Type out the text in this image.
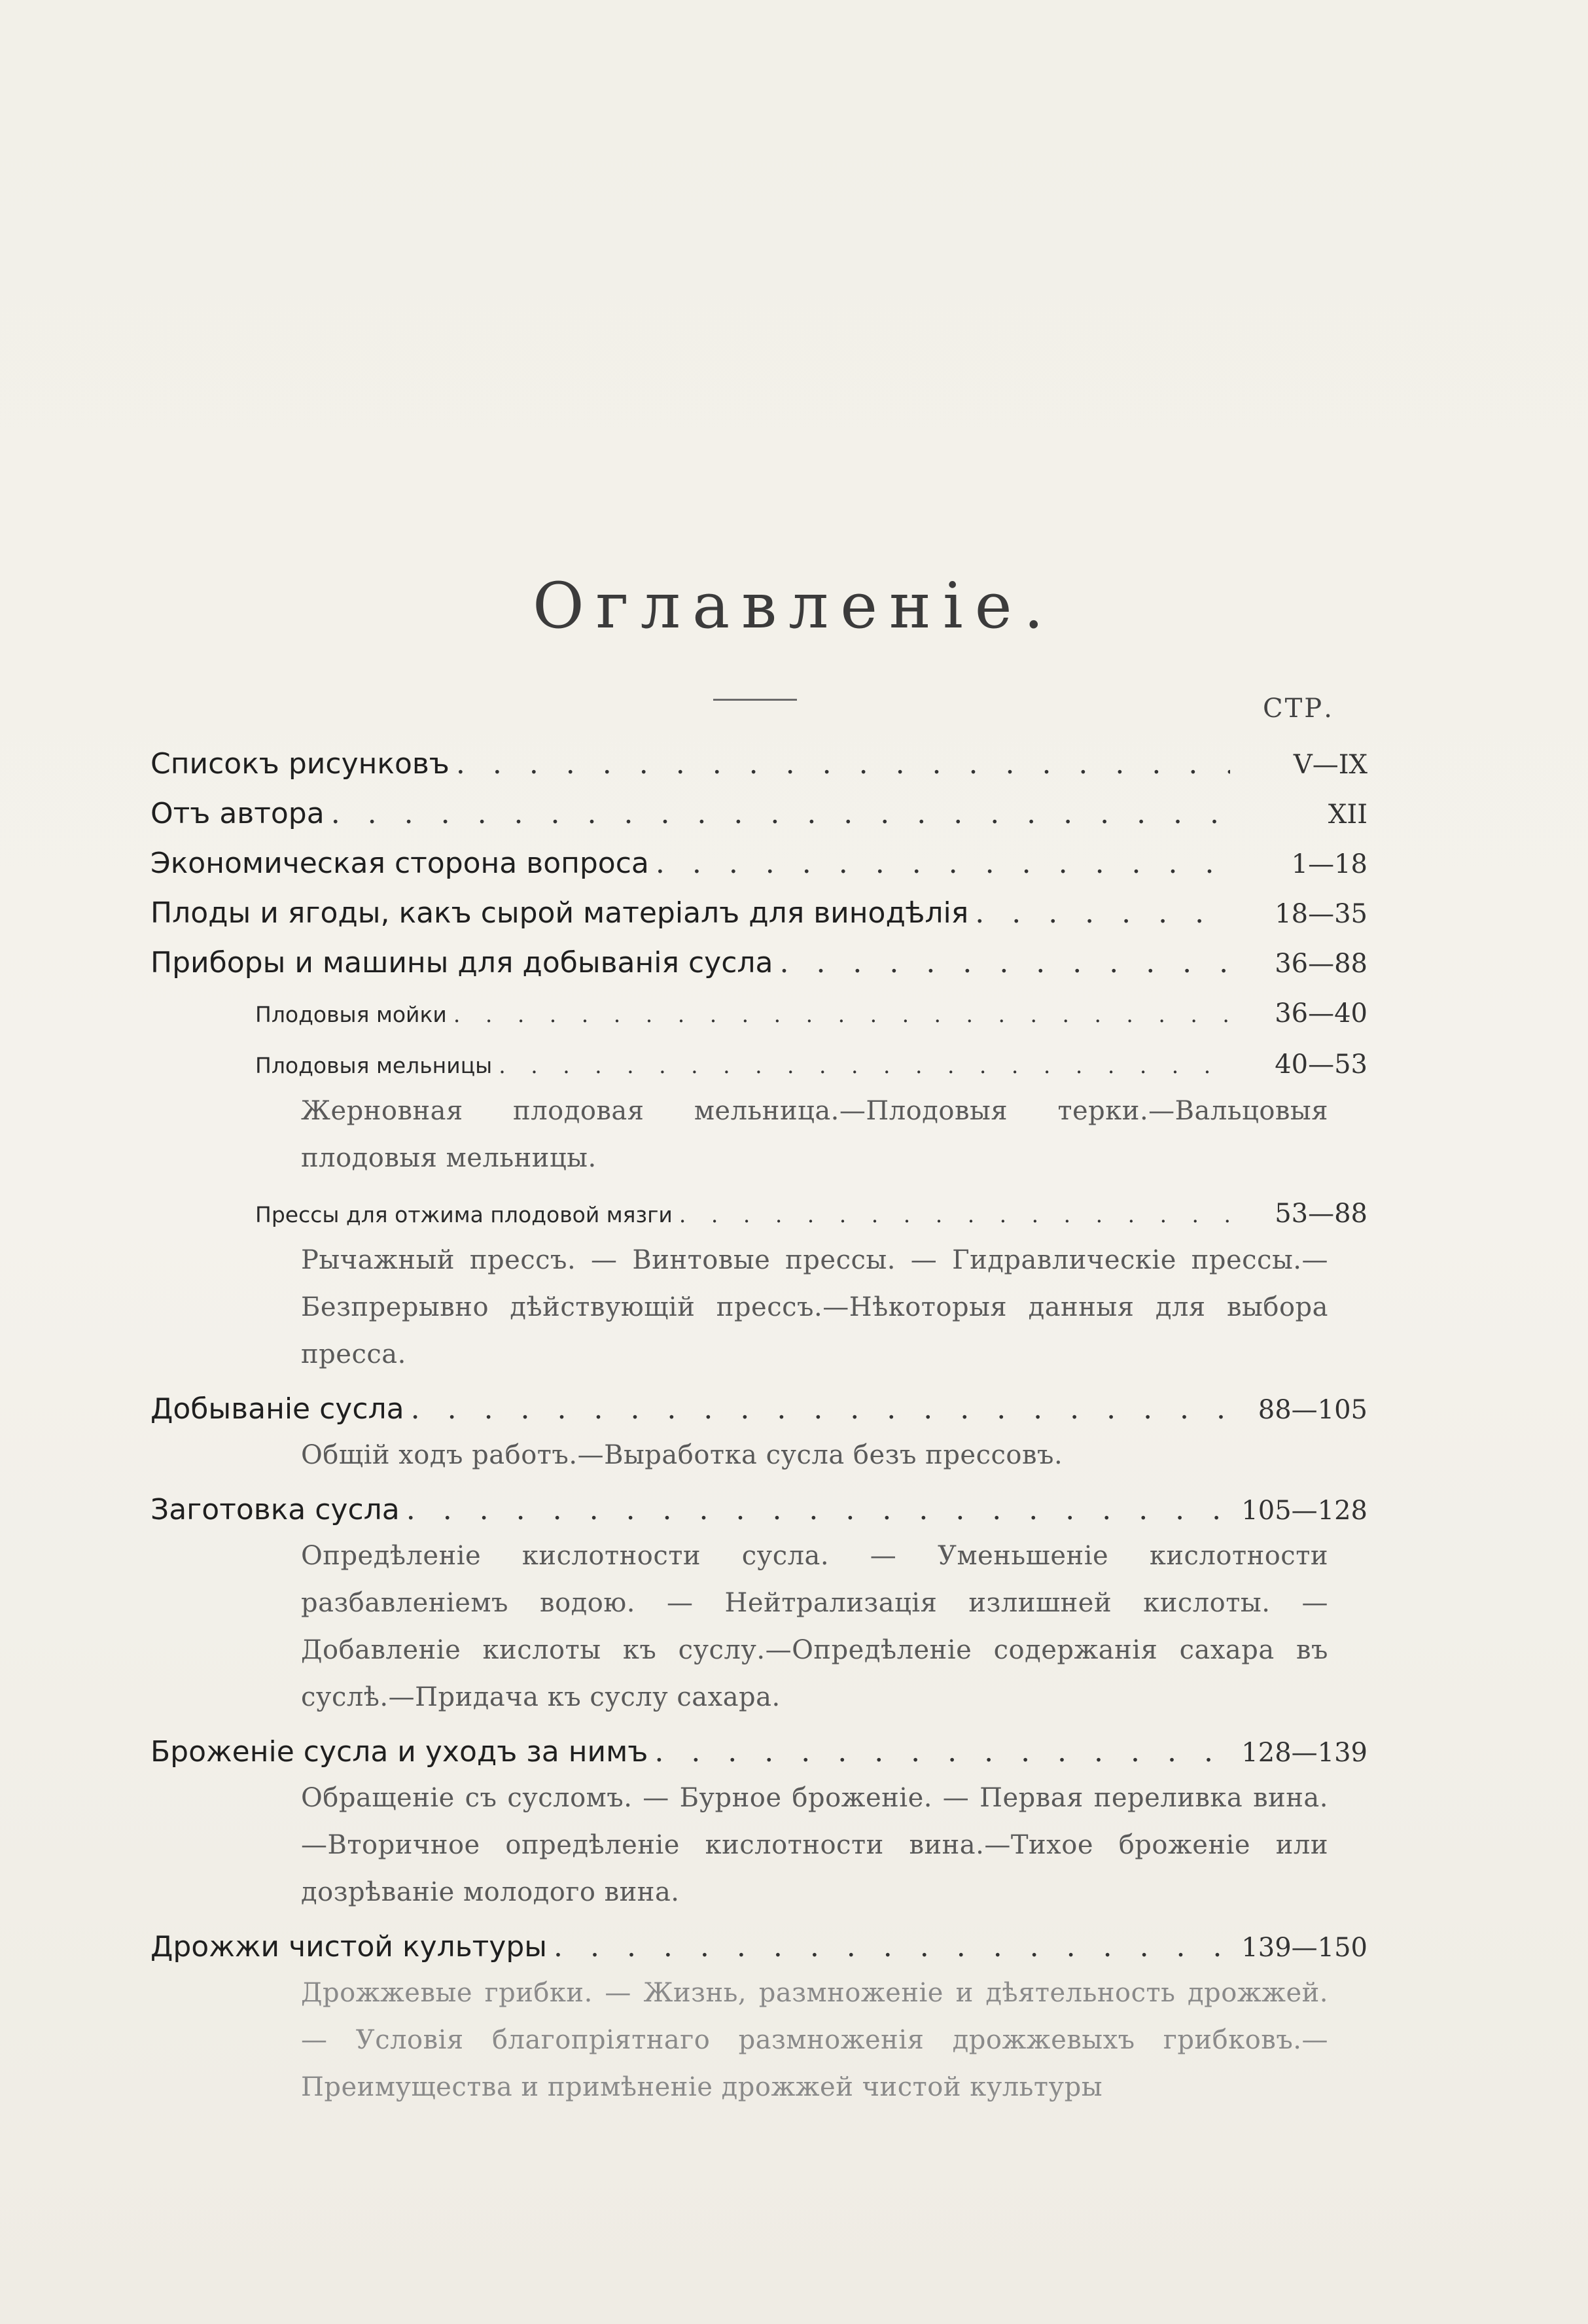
Оглавленіе.
СТР.
Списокъ рисунковъ . . .	V—IX
Отъ автора . . .	XII
Экономическая сторона вопроса . . .	1—18
Плоды и ягоды, какъ сырой матеріалъ для винодѣлія . . .	18—35
Приборы и машины для добыванія сусла . . .	36—88
Плодовыя мойки . . .	36—40
Плодовыя мельницы . . .	40—53
Жерновная плодовая мельница.—Плодовыя терки.—Вальцовыя плодовыя мельницы.
Прессы для отжима плодовой мязги . . .	53—88
Рычажный прессъ. — Винтовые прессы. — Гидравлическіе прессы.—Безпрерывно дѣйствующій прессъ.—Нѣкоторыя данныя для выбора пресса.
Добываніе сусла . . .	88—105
Общій ходъ работъ.—Выработка сусла безъ прессовъ.
Заготовка сусла . . .	105—128
Опредѣленіе кислотности сусла. — Уменьшеніе кислотности разбавленіемъ водою. — Нейтрализація излишней кислоты. — Добавленіе кислоты къ суслу.—Опредѣленіе содержанія сахара въ суслѣ.—Придача къ суслу сахара.
Броженіе сусла и уходъ за нимъ . . .	128—139
Обращеніе съ сусломъ. — Бурное броженіе. — Первая переливка вина.—Вторичное опредѣленіе кислотности вина.—Тихое броженіе или дозрѣваніе молодого вина.
Дрожжи чистой культуры . . .	139—150
Дрожжевые грибки. — Жизнь, размноженіе и дѣятельность дрожжей. — Условія благопріятнаго размноженія дрожжевыхъ грибковъ.—Преимущества и примѣненіе дрожжей чистой культуры
